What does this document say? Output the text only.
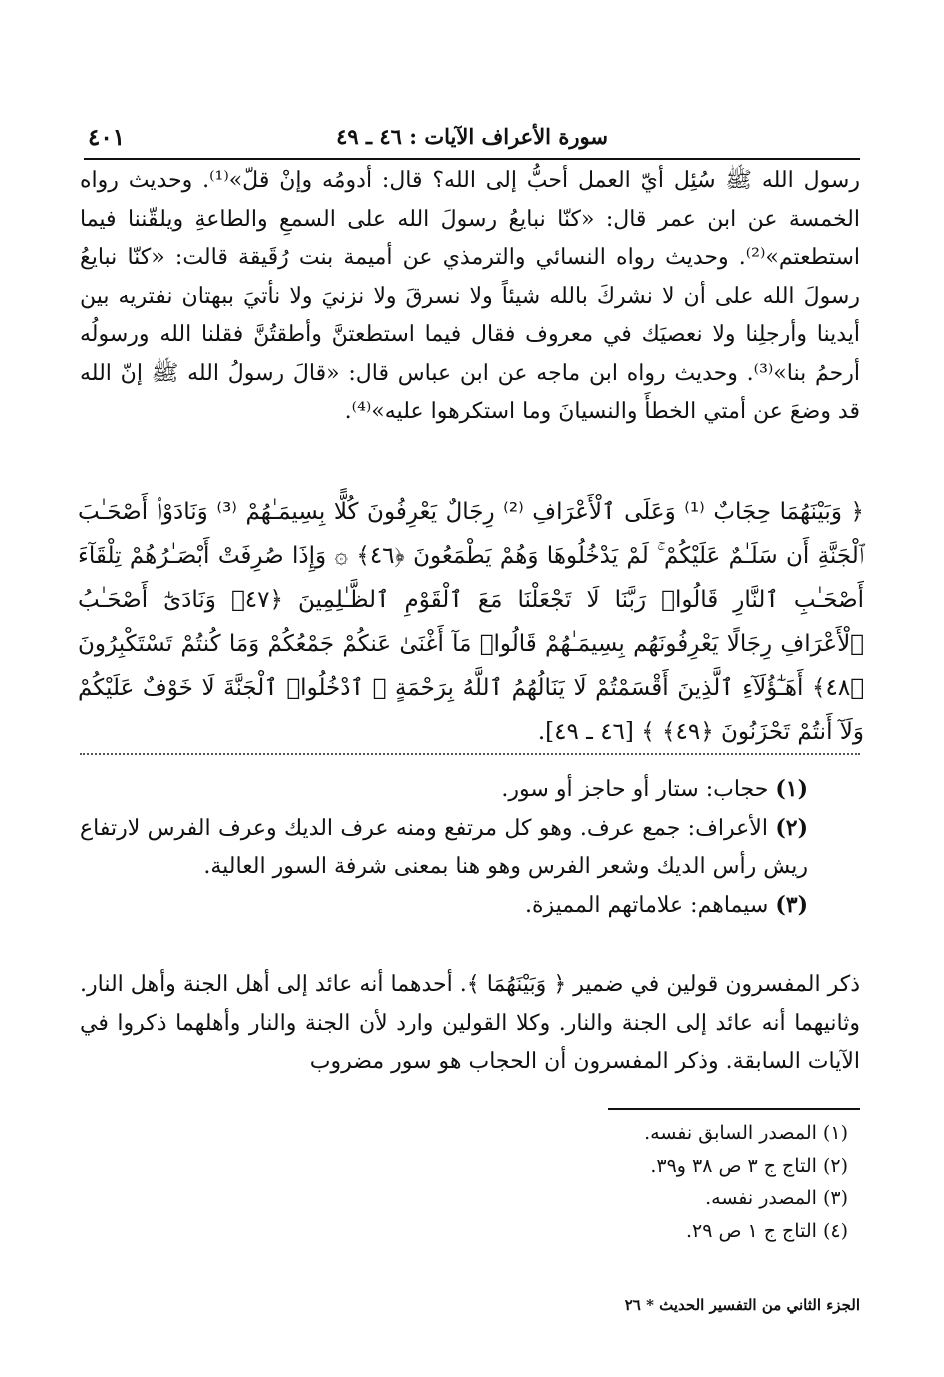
سورة الأعراف الآيات : ٤٦ ـ ٤٩
٤٠١

رسول الله ﷺ سُئِل أيّ العمل أحبُّ إلى الله؟ قال: أدومُه وإنْ قلّ»⁽¹⁾. وحديث رواه الخمسة عن ابن عمر قال: «كنّا نبايعُ رسولَ الله على السمعِ والطاعةِ ويلقّننا فيما استطعتم»⁽²⁾. وحديث رواه النسائي والترمذي عن أميمة بنت رُقَيقة قالت: «كنّا نبايعُ رسولَ الله على أن لا نشركَ بالله شيئاً ولا نسرقَ ولا نزنيَ ولا نأتيَ ببهتان نفتريه بين أيدينا وأرجلِنا ولا نعصيَك في معروف فقال فيما استطعتنَّ وأطقتُنَّ فقلنا الله ورسولُه أرحمُ بنا»⁽³⁾. وحديث رواه ابن ماجه عن ابن عباس قال: «قالَ رسولُ الله ﷺ إنّ الله قد وضعَ عن أمتي الخطأَ والنسيانَ وما استكرهوا عليه»⁽⁴⁾.

﴿ وَبَيْنَهُمَا حِجَابٌ ⁽¹⁾ وَعَلَى ٱلْأَعْرَافِ ⁽²⁾ رِجَالٌ يَعْرِفُونَ كُلًّا بِسِيمَـٰهُمْ ⁽³⁾ وَنَادَوْا۟ أَصْحَـٰبَ ٱلْجَنَّةِ أَن سَلَـٰمٌ عَلَيْكُمْ ۚ لَمْ يَدْخُلُوهَا وَهُمْ يَطْمَعُونَ ﴿٤٦﴾ ۞ وَإِذَا صُرِفَتْ أَبْصَـٰرُهُمْ تِلْقَآءَ أَصْحَـٰبِ ٱلنَّارِ قَالُوا۟ رَبَّنَا لَا تَجْعَلْنَا مَعَ ٱلْقَوْمِ ٱلظَّـٰلِمِينَ ﴿٤٧﴾ وَنَادَىٰٓ أَصْحَـٰبُ ٱلْأَعْرَافِ رِجَالًا يَعْرِفُونَهُم بِسِيمَـٰهُمْ قَالُوا۟ مَآ أَغْنَىٰ عَنكُمْ جَمْعُكُمْ وَمَا كُنتُمْ تَسْتَكْبِرُونَ ﴿٤٨﴾ أَهَـٰٓؤُلَآءِ ٱلَّذِينَ أَقْسَمْتُمْ لَا يَنَالُهُمُ ٱللَّهُ بِرَحْمَةٍ ۚ ٱدْخُلُوا۟ ٱلْجَنَّةَ لَا خَوْفٌ عَلَيْكُمْ وَلَآ أَنتُمْ تَحْزَنُونَ ﴿٤٩﴾ ﴾ [٤٦ ـ ٤٩].

(١) حجاب: ستار أو حاجز أو سور.

(٢) الأعراف: جمع عرف. وهو كل مرتفع ومنه عرف الديك وعرف الفرس لارتفاع ريش رأس الديك وشعر الفرس وهو هنا بمعنى شرفة السور العالية.

(٣) سيماهم: علاماتهم المميزة.

ذكر المفسرون قولين في ضمير ﴿ وَبَيْنَهُمَا ﴾. أحدهما أنه عائد إلى أهل الجنة وأهل النار. وثانيهما أنه عائد إلى الجنة والنار. وكلا القولين وارد لأن الجنة والنار وأهلهما ذكروا في الآيات السابقة. وذكر المفسرون أن الحجاب هو سور مضروب

(١) المصدر السابق نفسه.
(٢) التاج ج ٣ ص ٣٨ و٣٩.
(٣) المصدر نفسه.
(٤) التاج ج ١ ص ٢٩.
الجزء الثاني من التفسير الحديث * ٢٦
